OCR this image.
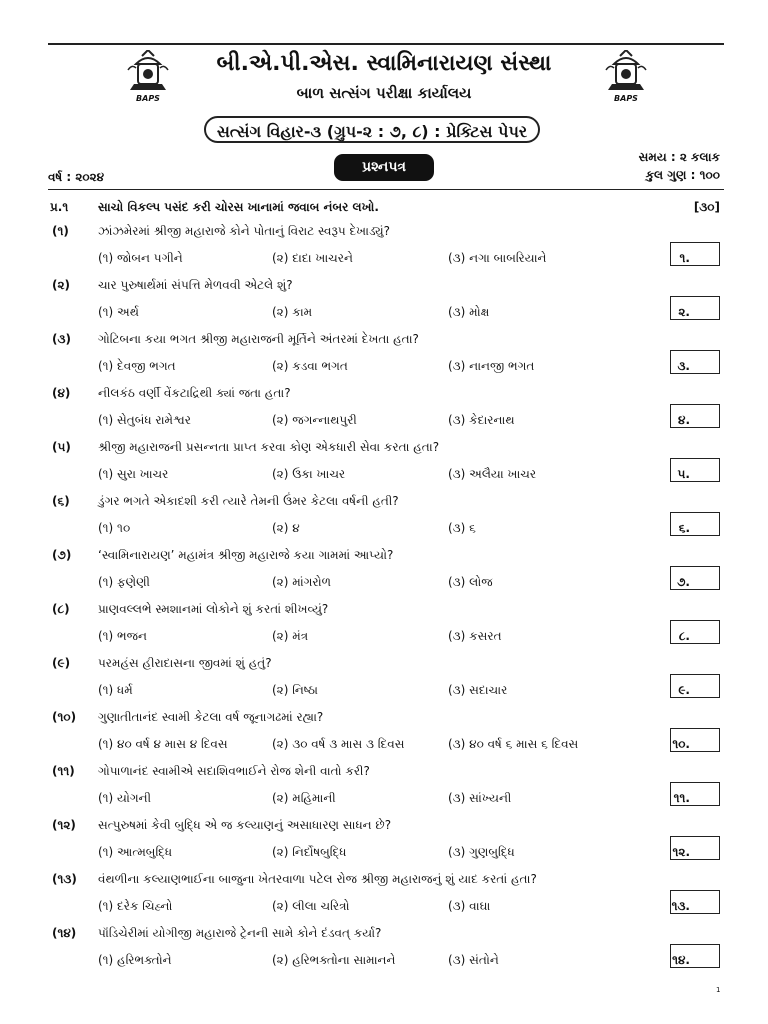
BAPS	BAPS
બી.એ.પી.એસ. સ્વામિનારાયણ સંસ્થા
બાળ સત્સંગ પરીક્ષા કાર્યાલય
સત્સંગ વિહાર-૩ (ગ્રુપ-૨ : ૭, ૮) : પ્રેક્ટિસ પેપર
પ્રશ્નપત્ર
સમય : ૨ કલાક
કુલ ગુણ : ૧૦૦
વર્ષ : ૨૦૨૪
પ્ર.૧ સાચો વિકલ્પ પસંદ કરી ચોરસ ખાનામાં જવાબ નંબર લખો.	[૩૦]
(૧) ઝાંઝમેરમાં શ્રીજી મહારાજે કોને પોતાનું વિરાટ સ્વરૂપ દેખાડ્યું?
(૧) જોબન પગીને	(૨) દાદા ખાચરને	(૩) નગા બાબરિયાને	૧.
(૨) ચાર પુરુષાર્થમાં સંપત્તિ મેળવવી એટલે શું?
(૧) અર્થ	(૨) કામ	(૩) મોક્ષ	૨.
(૩) ગોટિબના કયા ભગત શ્રીજી મહારાજની મૂર્તિને અંતરમાં દેખતા હતા?
(૧) દેવજી ભગત	(૨) કડવા ભગત	(૩) નાનજી ભગત	૩.
(૪) નીલકંઠ વર્ણી વેંકટાદ્રિથી ક્યાં જતા હતા?
(૧) સેતુબંધ રામેશ્વર	(૨) જગન્નાથપુરી	(૩) કેદારનાથ	૪.
(૫) શ્રીજી મહારાજની પ્રસન્નતા પ્રાપ્ત કરવા કોણ એકધારી સેવા કરતા હતા?
(૧) સુરા ખાચર	(૨) ઉકા ખાચર	(૩) અલૈયા ખાચર	૫.
(૬) ડુંગર ભગતે એકાદશી કરી ત્યારે તેમની ઉંમર કેટલા વર્ષની હતી?
(૧) ૧૦	(૨) ૪	(૩) ૬	૬.
(૭) ‘સ્વામિનારાયણ’ મહામંત્ર શ્રીજી મહારાજે કયા ગામમાં આપ્યો?
(૧) ફણેણી	(૨) માંગરોળ	(૩) લોજ	૭.
(૮) પ્રાણવલ્લભે સ્મશાનમાં લોકોને શું કરતાં શીખવ્યું?
(૧) ભજન	(૨) મંત્ર	(૩) કસરત	૮.
(૯) પરમહંસ હીરાદાસના જીવમાં શું હતું?
(૧) ધર્મ	(૨) નિષ્ઠા	(૩) સદાચાર	૯.
(૧૦) ગુણાતીતાનંદ સ્વામી કેટલા વર્ષ જૂનાગઢમાં રહ્યા?
(૧) ૪૦ વર્ષ ૪ માસ ૪ દિવસ	(૨) ૩૦ વર્ષ ૩ માસ ૩ દિવસ	(૩) ૪૦ વર્ષ ૬ માસ ૬ દિવસ	૧૦.
(૧૧) ગોપાળાનંદ સ્વામીએ સદાશિવભાઈને રોજ શેની વાતો કરી?
(૧) યોગની	(૨) મહિમાની	(૩) સાંખ્યની	૧૧.
(૧૨) સત્પુરુષમાં કેવી બુદ્ધિ એ જ કલ્યાણનું અસાધારણ સાધન છે?
(૧) આત્મબુદ્ધિ	(૨) નિર્દોષબુદ્ધિ	(૩) ગુણબુદ્ધિ	૧૨.
(૧૩) વંથળીના કલ્યાણભાઈના બાજુના ખેતરવાળા પટેલ રોજ શ્રીજી મહારાજનું શું યાદ કરતાં હતા?
(૧) દરેક ચિહ્નો	(૨) લીલા ચરિત્રો	(૩) વાઘા	૧૩.
(૧૪) પૉંડિચેરીમાં યોગીજી મહારાજે ટ્રેનની સામે કોને દંડવત્ કર્યા?
(૧) હરિભક્તોને	(૨) હરિભક્તોના સામાનને	(૩) સંતોને	૧૪.
1
